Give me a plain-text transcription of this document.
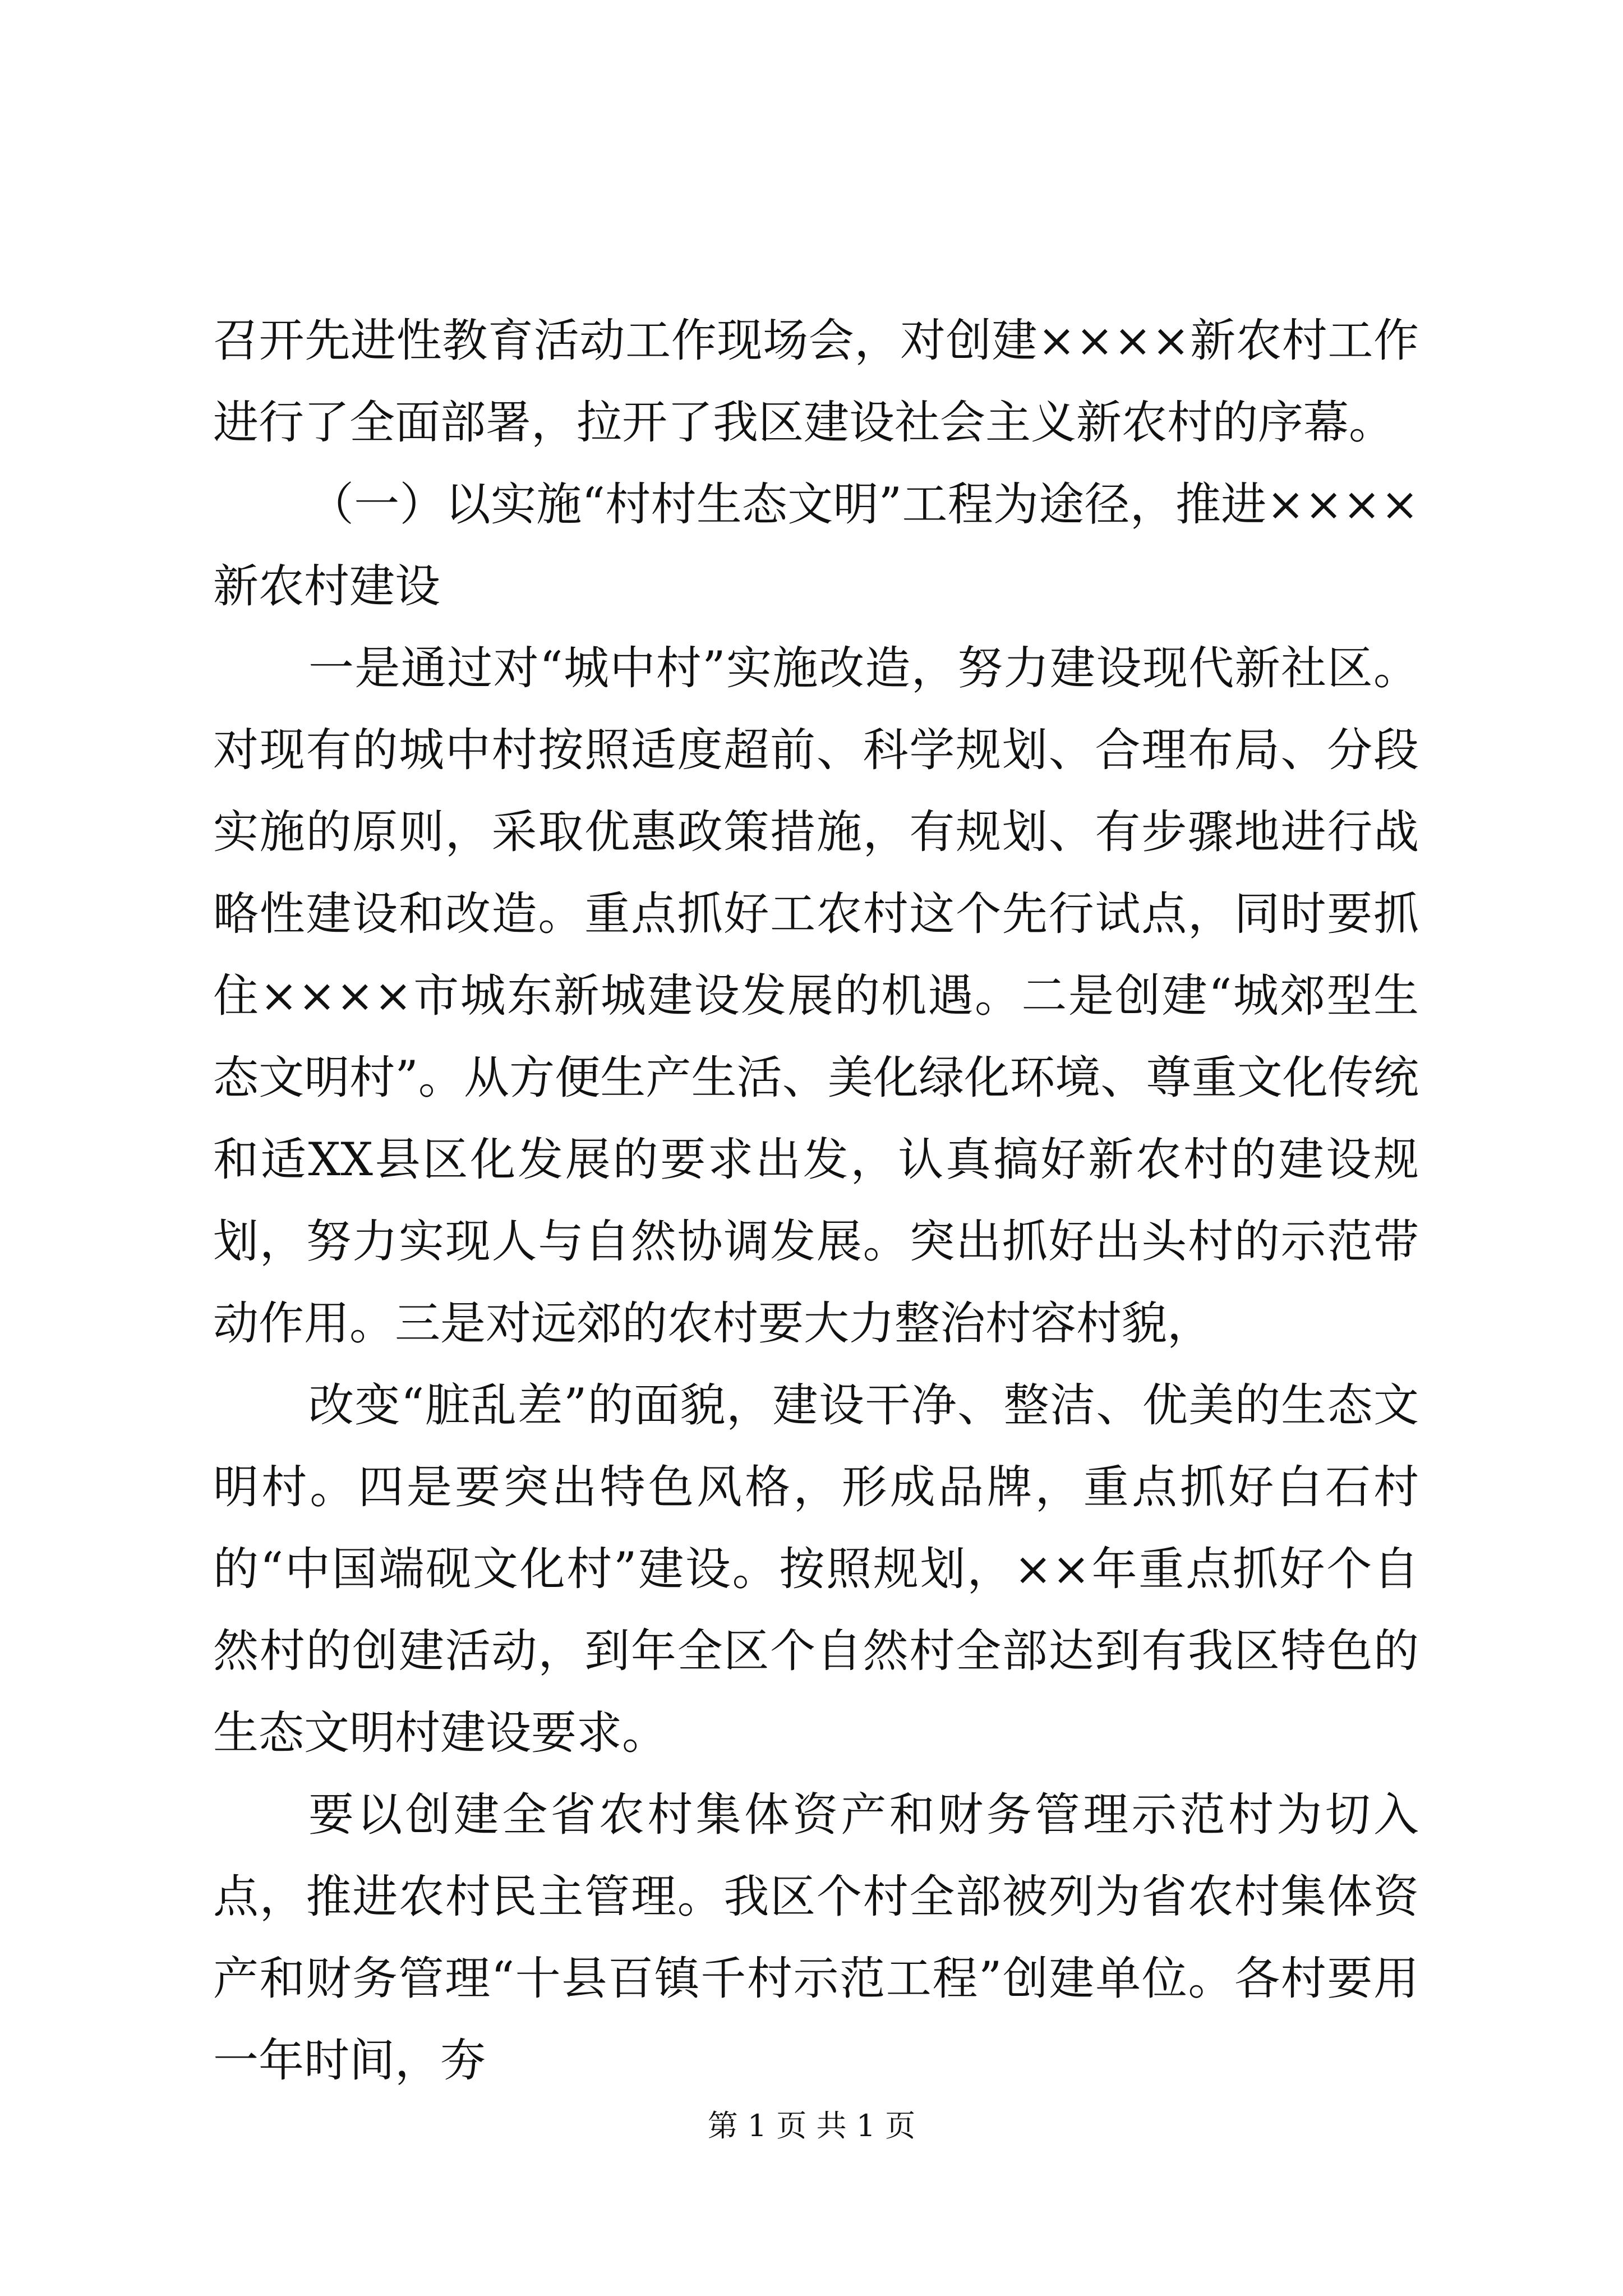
召开先进性教育活动工作现场会，对创建××××新农村工作进行了全面部署，拉开了我区建设社会主义新农村的序幕。

（一）以实施“村村生态文明”工程为途径，推进××××新农村建设

一是通过对“城中村”实施改造，努力建设现代新社区。对现有的城中村按照适度超前、科学规划、合理布局、分段实施的原则，采取优惠政策措施，有规划、有步骤地进行战略性建设和改造。重点抓好工农村这个先行试点，同时要抓住××××市城东新城建设发展的机遇。二是创建“城郊型生态文明村”。从方便生产生活、美化绿化环境、尊重文化传统和适XX县区化发展的要求出发，认真搞好新农村的建设规划，努力实现人与自然协调发展。突出抓好出头村的示范带动作用。三是对远郊的农村要大力整治村容村貌，

改变“脏乱差”的面貌，建设干净、整洁、优美的生态文明村。四是要突出特色风格，形成品牌，重点抓好白石村的“中国端砚文化村”建设。按照规划，××年重点抓好个自然村的创建活动，到年全区个自然村全部达到有我区特色的生态文明村建设要求。

要以创建全省农村集体资产和财务管理示范村为切入点，推进农村民主管理。我区个村全部被列为省农村集体资产和财务管理“十县百镇千村示范工程”创建单位。各村要用一年时间，夯

第 1 页 共 1 页
